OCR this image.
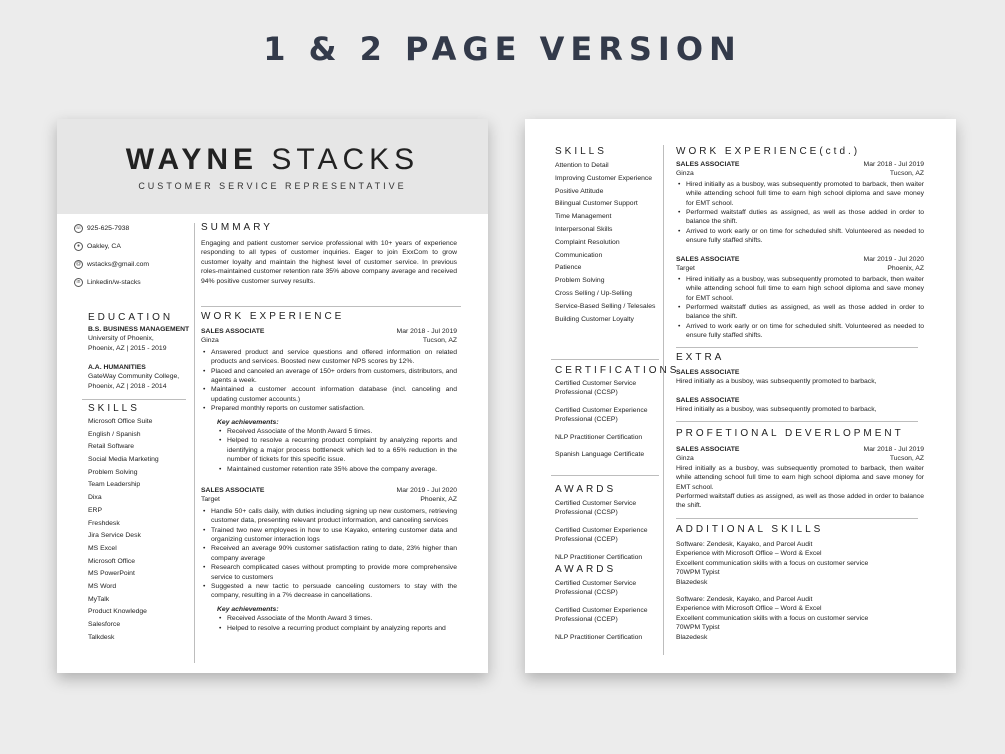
1 & 2 PAGE VERSION
WAYNE STACKS
CUSTOMER SERVICE REPRESENTATIVE
☏ 925-625-7938
●	Oakley, CA
@ wstacks@gmail.com
in Linkedin/w-stacks
SUMMARY
Engaging and patient customer service professional with 10+ years of experience responding to all types of customer inquiries. Eager to join ExxCom to grow customer loyalty and maintain the highest level of customer service. In previous roles-maintained customer retention rate 35% above company average and received 94% positive customer survey results.
EDUCATION
B.S. BUSINESS MANAGEMENT
University of Phoenix,
Phoenix, AZ | 2015 - 2019
A.A. HUMANITIES
GateWay Community College,
Phoenix, AZ | 2018 - 2014
SKILLS
Microsoft Office Suite
English / Spanish
Retail Software
Social Media Marketing
Problem Solving
Team Leadership
Dixa
ERP
Freshdesk
Jira Service Desk
MS Excel
Microsoft Office
MS PowerPoint
MS Word
MyTalk
Product Knowledge
Salesforce
Talkdesk
WORK EXPERIENCE
SALES ASSOCIATE	Mar 2018 - Jul 2019
Ginza	Tucson, AZ
• Answered product and service questions and offered information on related products and services. Boosted new customer NPS scores by 12%.
• Placed and canceled an average of 150+ orders from customers, distributors, and agents a week.
• Maintained a customer account information database (incl. canceling and updating customer accounts.)
• Prepared monthly reports on customer satisfaction.
Key achievements:
• Received Associate of the Month Award 5 times.
• Helped to resolve a recurring product complaint by analyzing reports and identifying a major process bottleneck which led to a 65% reduction in the number of tickets for this specific issue.
• Maintained customer retention rate 35% above the company average.
SALES ASSOCIATE	Mar 2019 - Jul 2020
Target	Phoenix, AZ
• Handle 50+ calls daily, with duties including signing up new customers, retrieving customer data, presenting relevant product information, and canceling services
• Trained two new employees in how to use Kayako, entering customer data and organizing customer interaction logs
• Received an average 90% customer satisfaction rating to date, 23% higher than company average
• Research complicated cases without prompting to provide more comprehensive service to customers
• Suggested a new tactic to persuade canceling customers to stay with the company, resulting in a 7% decrease in cancellations.
Key achievements:
• Received Associate of the Month Award 3 times.
• Helped to resolve a recurring product complaint by analyzing reports and
SKILLS
Attention to Detail
Improving Customer Experience
Positive Attitude
Bilingual Customer Support
Time Management
Interpersonal Skills
Complaint Resolution
Communication
Patience
Problem Solving
Cross Selling / Up-Selling
Service-Based Selling / Telesales
Building Customer Loyalty
CERTIFICATIONS
Certified Customer Service Professional (CCSP)
Certified Customer Experience Professional (CCEP)
NLP Practitioner Certification
Spanish Language Certificate
AWARDS
Certified Customer Service Professional (CCSP)
Certified Customer Experience Professional (CCEP)
NLP Practitioner Certification
AWARDS
Certified Customer Service Professional (CCSP)
Certified Customer Experience Professional (CCEP)
NLP Practitioner Certification
WORK EXPERIENCE(ctd.)
SALES ASSOCIATE	Mar 2018 - Jul 2019
Ginza	Tucson, AZ
• Hired initially as a busboy, was subsequently promoted to barback, then waiter while attending school full time to earn high school diploma and save money for EMT school.
• Performed waitstaff duties as assigned, as well as those added in order to balance the shift.
• Arrived to work early or on time for scheduled shift. Volunteered as needed to ensure fully staffed shifts.
SALES ASSOCIATE	Mar 2019 - Jul 2020
Target	Phoenix, AZ
• Hired initially as a busboy, was subsequently promoted to barback, then waiter while attending school full time to earn high school diploma and save money for EMT school.
• Performed waitstaff duties as assigned, as well as those added in order to balance the shift.
• Arrived to work early or on time for scheduled shift. Volunteered as needed to ensure fully staffed shifts.
EXTRA
SALES ASSOCIATE
Hired initially as a busboy, was subsequently promoted to barback,
SALES ASSOCIATE
Hired initially as a busboy, was subsequently promoted to barback,
PROFETIONAL DEVERLOPMENT
SALES ASSOCIATE	Mar 2018 - Jul 2019
Ginza	Tucson, AZ
Hired initially as a busboy, was subsequently promoted to barback, then waiter while attending school full time to earn high school diploma and save money for EMT school.
Performed waitstaff duties as assigned, as well as those added in order to balance the shift.
ADDITIONAL SKILLS
Software: Zendesk, Kayako, and Parcel Audit
Experience with Microsoft Office – Word & Excel
Excellent communication skills with a focus on customer service
70WPM Typist
Blazedesk
Software: Zendesk, Kayako, and Parcel Audit
Experience with Microsoft Office – Word & Excel
Excellent communication skills with a focus on customer service
70WPM Typist
Blazedesk
